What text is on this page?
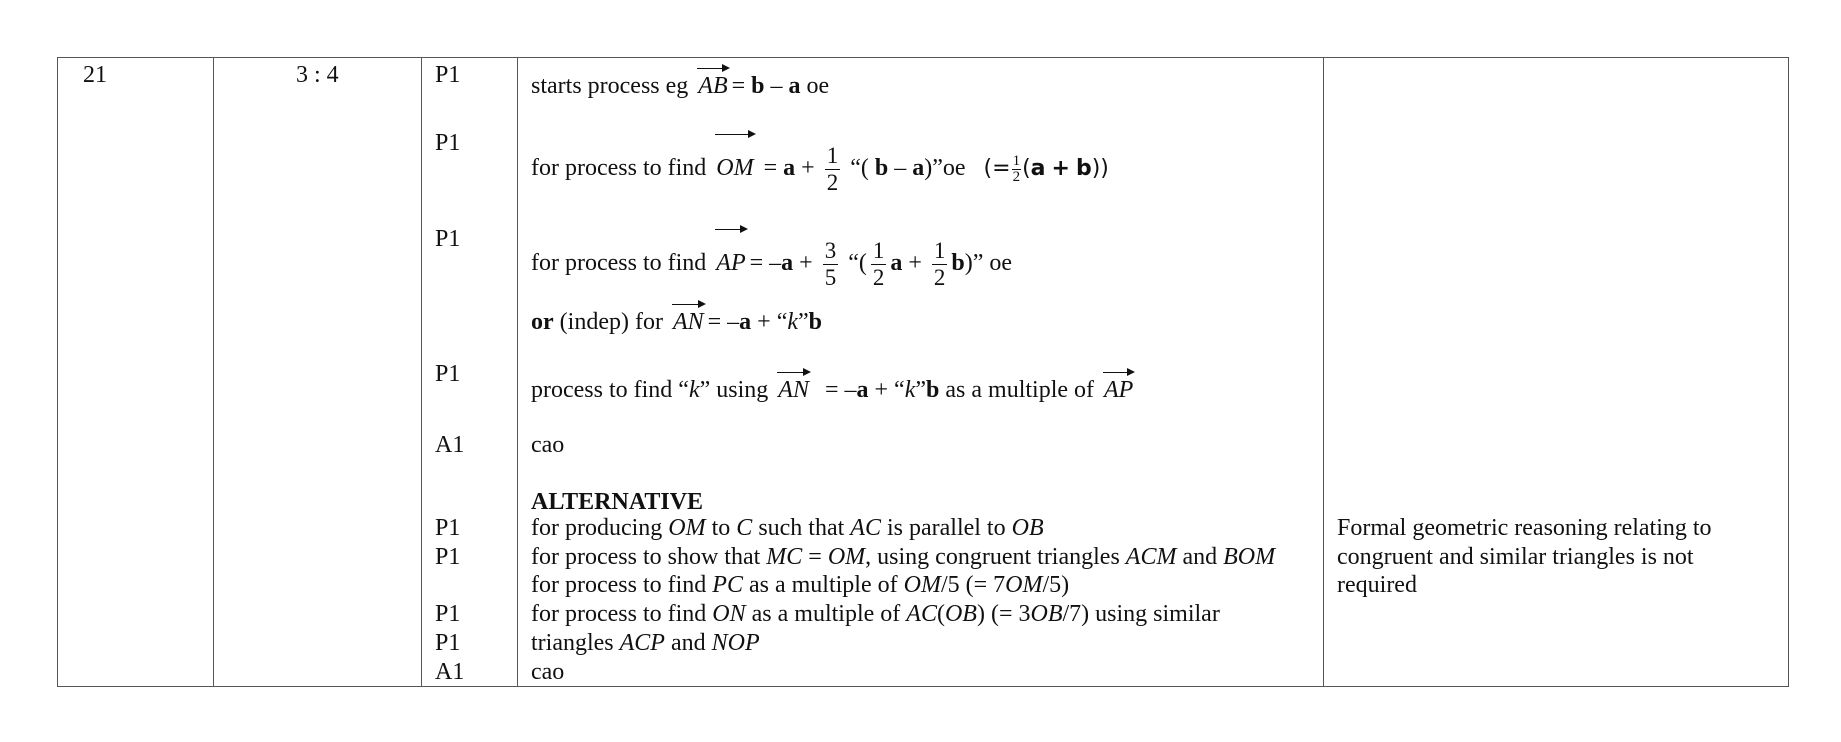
21	3 : 4	P1
P1
P1
P1
A1
P1
P1
P1
P1
A1
starts process eg AB = b – a oe
for process to find OM = $a + \frac{1}{2}$ “( b – a)”oe (= $\frac{1}{2} (a + b)$)
for process to find AP = $-a + \frac{3}{5}$ “( $\frac{1}{2}$ $a + \frac{1}{2} b$)” oe
or (indep) for AN = –a + “k”b
process to find “k” using AN = –a + “k”b as a multiple of AP
cao
ALTERNATIVE
for producing OM to C such that AC is parallel to OB
for process to show that MC = OM, using congruent triangles ACM and BOM
for process to find PC as a multiple of OM/5 (= 7OM/5)
for process to find ON as a multiple of AC(OB) (= 3OB/7) using similar
triangles ACP and NOP
cao
Formal geometric reasoning relating to
congruent and similar triangles is not
required
